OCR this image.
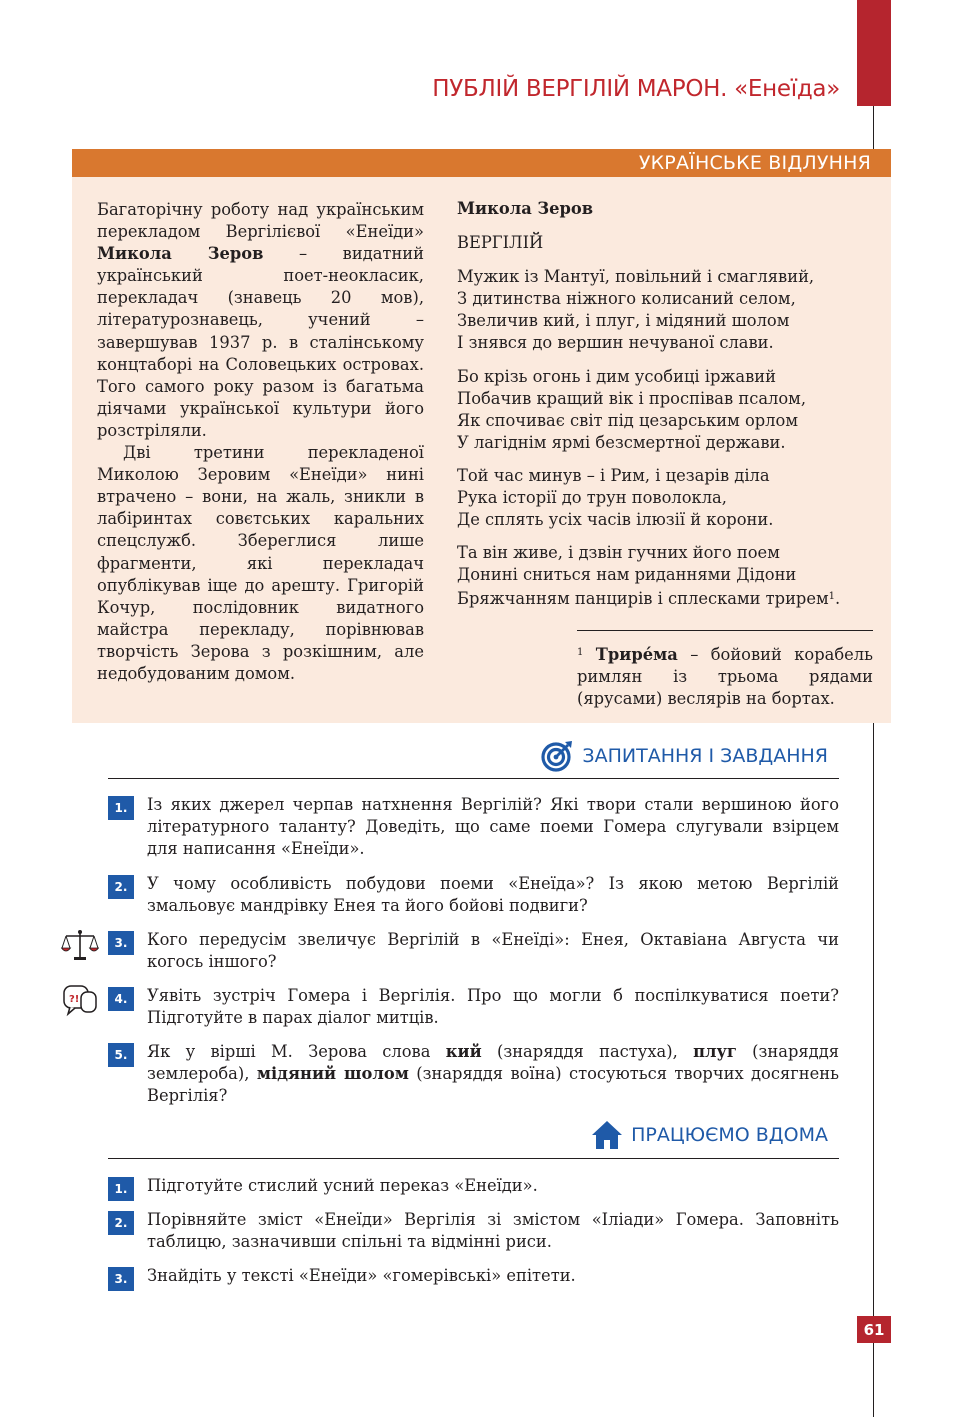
ПУБЛІЙ ВЕРГІЛІЙ МАРОН. «Енеїда»
УКРАЇНСЬКЕ ВІДЛУННЯ

Багаторічну роботу над українським перекладом Вергілієвої «Енеїди» Микола Зеров – видатний український поет-неокласик, перекладач (знавець 20 мов), літературознавець, учений – завершував 1937 р. в сталінському концтаборі на Соловецьких островах. Того самого року разом із багатьма діячами української культури його розстріляли.

Дві третини перекладеної Миколою Зеровим «Енеїди» нині втрачено – вони, на жаль, зникли в лабіринтах совєтських каральних спецслужб. Збереглися лише фрагменти, які перекладач опублікував іще до арешту. Григорій Кочур, послідовник видатного майстра перекладу, порівнював творчість Зерова з розкішним, але недобудованим домом.

Микола Зеров
ВЕРГІЛІЙ
Мужик із Мантуї, повільний і смаглявий,
З дитинства ніжного колисаний селом,
Звеличив кий, і плуг, і мідяний шолом
І знявся до вершин нечуваної слави.
Бо крізь огонь і дим усобиці іржавий
Побачив кращий вік і проспівав псалом,
Як спочиває світ під цезарським орлом
У лагіднім ярмі безсмертної держави.
Той час минув – і Рим, і цезарів діла
Рука історії до трун поволокла,
Де сплять усіх часів ілюзії й корони.
Та він живе, і дзвін гучних його поем
Донині сниться нам риданнями Дідони
Бряжчанням панцирів і сплесками трирем$^1$.
$^1$ Трире́ма – бойовий корабель римлян із трьома рядами (ярусами) веслярів на бортах.
ЗАПИТАННЯ І ЗАВДАННЯ
1.	Із яких джерел черпав натхнення Вергілій? Які твори стали вершиною його літературного таланту? Доведіть, що саме поеми Гомера слугували взірцем для написання «Енеїди».
2.	У чому особливість побудови поеми «Енеїда»? Із якою метою Вергілій змальовує мандрівку Енея та його бойові подвиги?
3.	Кого передусім звеличує Вергілій в «Енеїді»: Енея, Октавіана Августа чи когось іншого?
?!	4.	Уявіть зустріч Гомера і Вергілія. Про що могли б поспілкуватися поети? Підготуйте в парах діалог митців.
5.	Як у вірші М. Зерова слова кий (знаряддя пастуха), плуг (знаряддя землероба), мідяний шолом (знаряддя воїна) стосуються творчих досягнень Вергілія?
ПРАЦЮЄМО ВДОМА
1.	Підготуйте стислий усний переказ «Енеїди».
2.	Порівняйте зміст «Енеїди» Вергілія зі змістом «Іліади» Гомера. Заповніть таблицю, зазначивши спільні та відмінні риси.
3.	Знайдіть у тексті «Енеїди» «гомерівські» епітети.
61
